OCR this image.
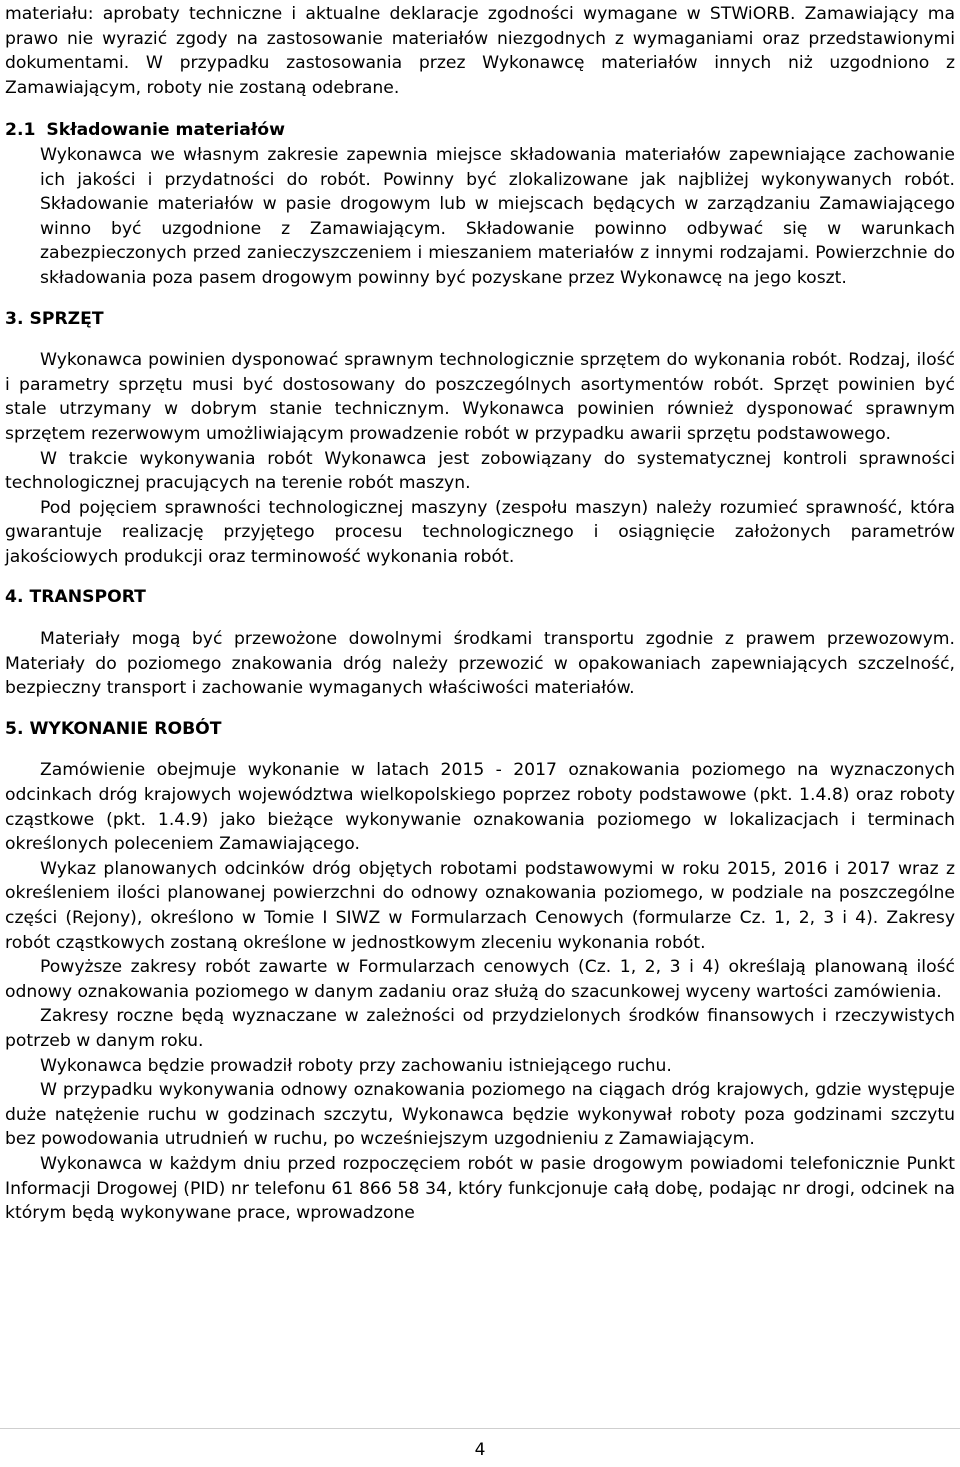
materiału: aprobaty techniczne i aktualne deklaracje zgodności wymagane w STWiORB. Zamawiający ma prawo nie wyrazić zgody na zastosowanie materiałów niezgodnych z wymaganiami oraz przedstawionymi dokumentami. W przypadku zastosowania przez Wykonawcę materiałów innych niż uzgodniono z Zamawiającym, roboty nie zostaną odebrane.

2.1 Składowanie materiałów
Wykonawca we własnym zakresie zapewnia miejsce składowania materiałów zapewniające zachowanie ich jakości i przydatności do robót. Powinny być zlokalizowane jak najbliżej wykonywanych robót. Składowanie materiałów w pasie drogowym lub w miejscach będących w zarządzaniu Zamawiającego winno być uzgodnione z Zamawiającym. Składowanie powinno odbywać się w warunkach zabezpieczonych przed zanieczyszczeniem i mieszaniem materiałów z innymi rodzajami. Powierzchnie do składowania poza pasem drogowym powinny być pozyskane przez Wykonawcę na jego koszt.

3. SPRZĘT

Wykonawca powinien dysponować sprawnym technologicznie sprzętem do wykonania robót. Rodzaj, ilość i parametry sprzętu musi być dostosowany do poszczególnych asortymentów robót. Sprzęt powinien być stale utrzymany w dobrym stanie technicznym. Wykonawca powinien również dysponować sprawnym sprzętem rezerwowym umożliwiającym prowadzenie robót w przypadku awarii sprzętu podstawowego.

W trakcie wykonywania robót Wykonawca jest zobowiązany do systematycznej kontroli sprawności technologicznej pracujących na terenie robót maszyn.

Pod pojęciem sprawności technologicznej maszyny (zespołu maszyn) należy rozumieć sprawność, która gwarantuje realizację przyjętego procesu technologicznego i osiągnięcie założonych parametrów jakościowych produkcji oraz terminowość wykonania robót.

4. TRANSPORT

Materiały mogą być przewożone dowolnymi środkami transportu zgodnie z prawem przewozowym. Materiały do poziomego znakowania dróg należy przewozić w opakowaniach zapewniających szczelność, bezpieczny transport i zachowanie wymaganych właściwości materiałów.

5. WYKONANIE ROBÓT

Zamówienie obejmuje wykonanie w latach 2015 - 2017 oznakowania poziomego na wyznaczonych odcinkach dróg krajowych województwa wielkopolskiego poprzez roboty podstawowe (pkt. 1.4.8) oraz roboty cząstkowe (pkt. 1.4.9) jako bieżące wykonywanie oznakowania poziomego w lokalizacjach i terminach określonych poleceniem Zamawiającego.

Wykaz planowanych odcinków dróg objętych robotami podstawowymi w roku 2015, 2016 i 2017 wraz z określeniem ilości planowanej powierzchni do odnowy oznakowania poziomego, w podziale na poszczególne części (Rejony), określono w Tomie I SIWZ w Formularzach Cenowych (formularze Cz. 1, 2, 3 i 4). Zakresy robót cząstkowych zostaną określone w jednostkowym zleceniu wykonania robót.

Powyższe zakresy robót zawarte w Formularzach cenowych (Cz. 1, 2, 3 i 4) określają planowaną ilość odnowy oznakowania poziomego w danym zadaniu oraz służą do szacunkowej wyceny wartości zamówienia.

Zakresy roczne będą wyznaczane w zależności od przydzielonych środków finansowych i rzeczywistych potrzeb w danym roku.

Wykonawca będzie prowadził roboty przy zachowaniu istniejącego ruchu.

W przypadku wykonywania odnowy oznakowania poziomego na ciągach dróg krajowych, gdzie występuje duże natężenie ruchu w godzinach szczytu, Wykonawca będzie wykonywał roboty poza godzinami szczytu bez powodowania utrudnień w ruchu, po wcześniejszym uzgodnieniu z Zamawiającym.

Wykonawca w każdym dniu przed rozpoczęciem robót w pasie drogowym powiadomi telefonicznie Punkt Informacji Drogowej (PID) nr telefonu 61 866 58 34, który funkcjonuje całą dobę, podając nr drogi, odcinek na którym będą wykonywane prace, wprowadzone

4
